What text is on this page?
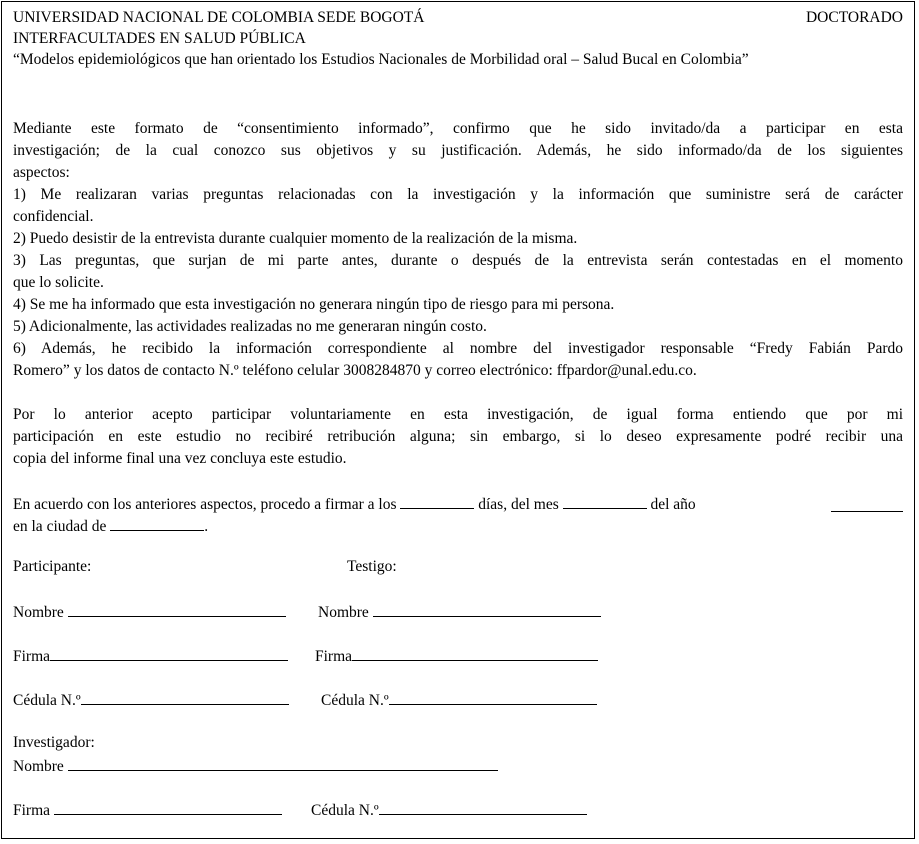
UNIVERSIDAD NACIONAL DE COLOMBIA SEDE BOGOTÁ	DOCTORADO
INTERFACULTADES EN SALUD PÚBLICA
“Modelos epidemiológicos que han orientado los Estudios Nacionales de Morbilidad oral – Salud Bucal en Colombia”
Mediante este formato de “consentimiento informado”, confirmo que he sido invitado/da a participar en esta
investigación; de la cual conozco sus objetivos y su justificación. Además, he sido informado/da de los siguientes
aspectos:
1) Me realizaran varias preguntas relacionadas con la investigación y la información que suministre será de carácter
confidencial.
2) Puedo desistir de la entrevista durante cualquier momento de la realización de la misma.
3) Las preguntas, que surjan de mi parte antes, durante o después de la entrevista serán contestadas en el momento
que lo solicite.
4) Se me ha informado que esta investigación no generara ningún tipo de riesgo para mi persona.
5) Adicionalmente, las actividades realizadas no me generaran ningún costo.
6) Además, he recibido la información correspondiente al nombre del investigador responsable “Fredy Fabián Pardo
Romero” y los datos de contacto N.º teléfono celular 3008284870 y correo electrónico: ffpardor@unal.edu.co.
Por lo anterior acepto participar voluntariamente en esta investigación, de igual forma entiendo que por mi
participación en este estudio no recibiré retribución alguna; sin embargo, si lo deseo expresamente podré recibir una
copia del informe final una vez concluya este estudio.
En acuerdo con los anteriores aspectos, procedo a firmar a los	días, del mes	del año
en la ciudad de	.
Participante:	Testigo:
Nombre	Nombre
Firma	Firma
Cédula N.º	Cédula N.º
Investigador:
Nombre
Firma	Cédula N.º
